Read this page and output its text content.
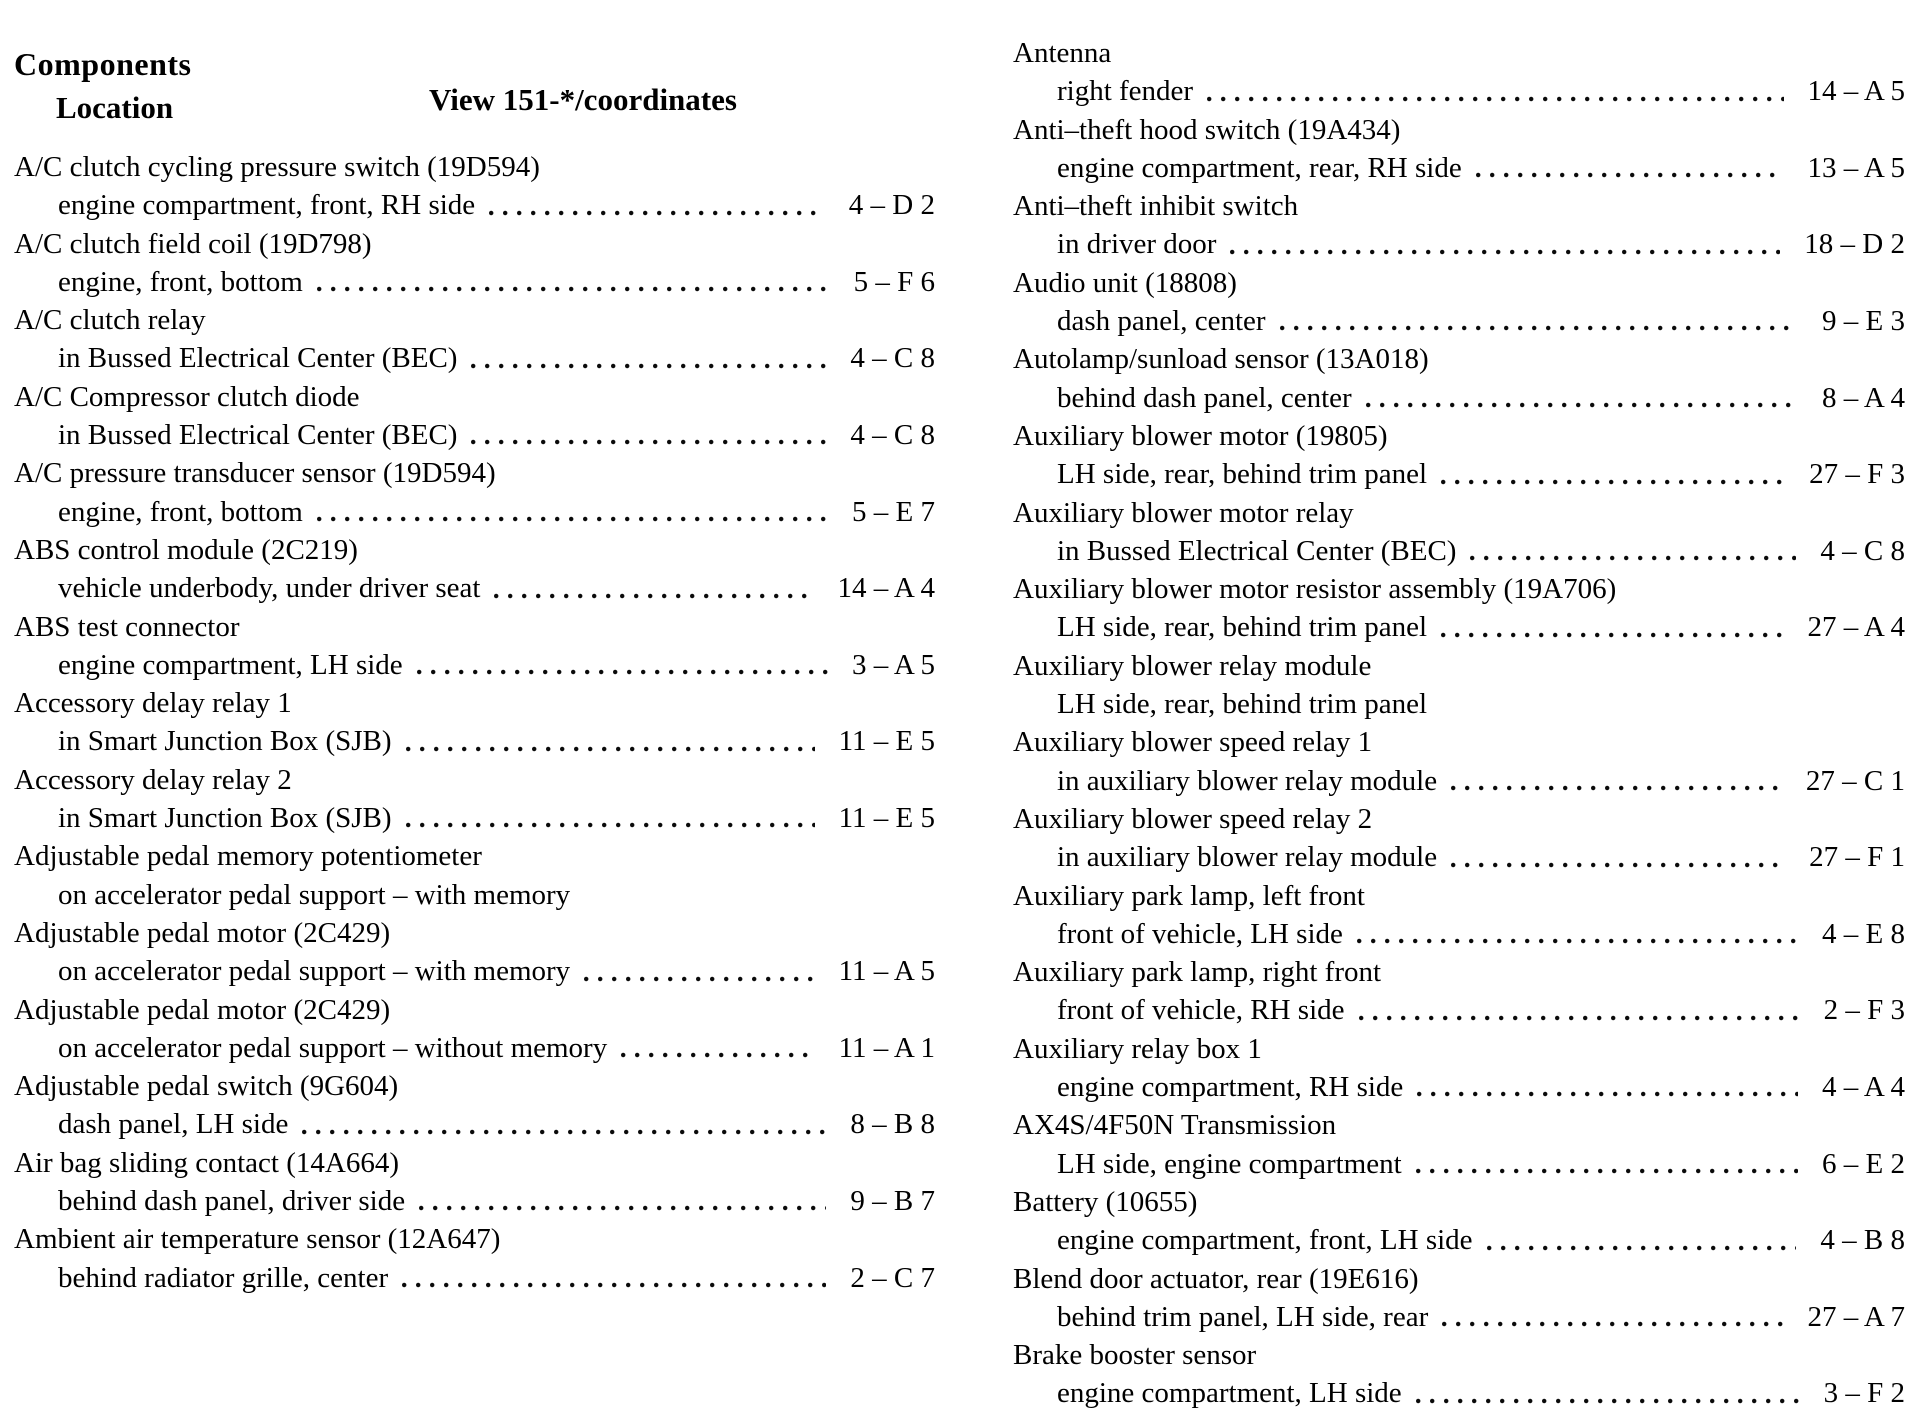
Components
Location	View 151-*/coordinates
A/C clutch cycling pressure switch (19D594)
engine compartment, front, RH side	4 – D 2
A/C clutch field coil (19D798)
engine, front, bottom	5 – F 6
A/C clutch relay
in Bussed Electrical Center (BEC)	4 – C 8
A/C Compressor clutch diode
in Bussed Electrical Center (BEC)	4 – C 8
A/C pressure transducer sensor (19D594)
engine, front, bottom	5 – E 7
ABS control module (2C219)
vehicle underbody, under driver seat	14 – A 4
ABS test connector
engine compartment, LH side	3 – A 5
Accessory delay relay 1
in Smart Junction Box (SJB)	11 – E 5
Accessory delay relay 2
in Smart Junction Box (SJB)	11 – E 5
Adjustable pedal memory potentiometer
on accelerator pedal support – with memory
Adjustable pedal motor (2C429)
on accelerator pedal support – with memory	11 – A 5
Adjustable pedal motor (2C429)
on accelerator pedal support – without memory	11 – A 1
Adjustable pedal switch (9G604)
dash panel, LH side	8 – B 8
Air bag sliding contact (14A664)
behind dash panel, driver side	9 – B 7
Ambient air temperature sensor (12A647)
behind radiator grille, center	2 – C 7
Antenna
right fender	14 – A 5
Anti–theft hood switch (19A434)
engine compartment, rear, RH side	13 – A 5
Anti–theft inhibit switch
in driver door	18 – D 2
Audio unit (18808)
dash panel, center	9 – E 3
Autolamp/sunload sensor (13A018)
behind dash panel, center	8 – A 4
Auxiliary blower motor (19805)
LH side, rear, behind trim panel	27 – F 3
Auxiliary blower motor relay
in Bussed Electrical Center (BEC)	4 – C 8
Auxiliary blower motor resistor assembly (19A706)
LH side, rear, behind trim panel	27 – A 4
Auxiliary blower relay module
LH side, rear, behind trim panel
Auxiliary blower speed relay 1
in auxiliary blower relay module	27 – C 1
Auxiliary blower speed relay 2
in auxiliary blower relay module	27 – F 1
Auxiliary park lamp, left front
front of vehicle, LH side	4 – E 8
Auxiliary park lamp, right front
front of vehicle, RH side	2 – F 3
Auxiliary relay box 1
engine compartment, RH side	4 – A 4
AX4S/4F50N Transmission
LH side, engine compartment	6 – E 2
Battery (10655)
engine compartment, front, LH side	4 – B 8
Blend door actuator, rear (19E616)
behind trim panel, LH side, rear	27 – A 7
Brake booster sensor
engine compartment, LH side	3 – F 2
